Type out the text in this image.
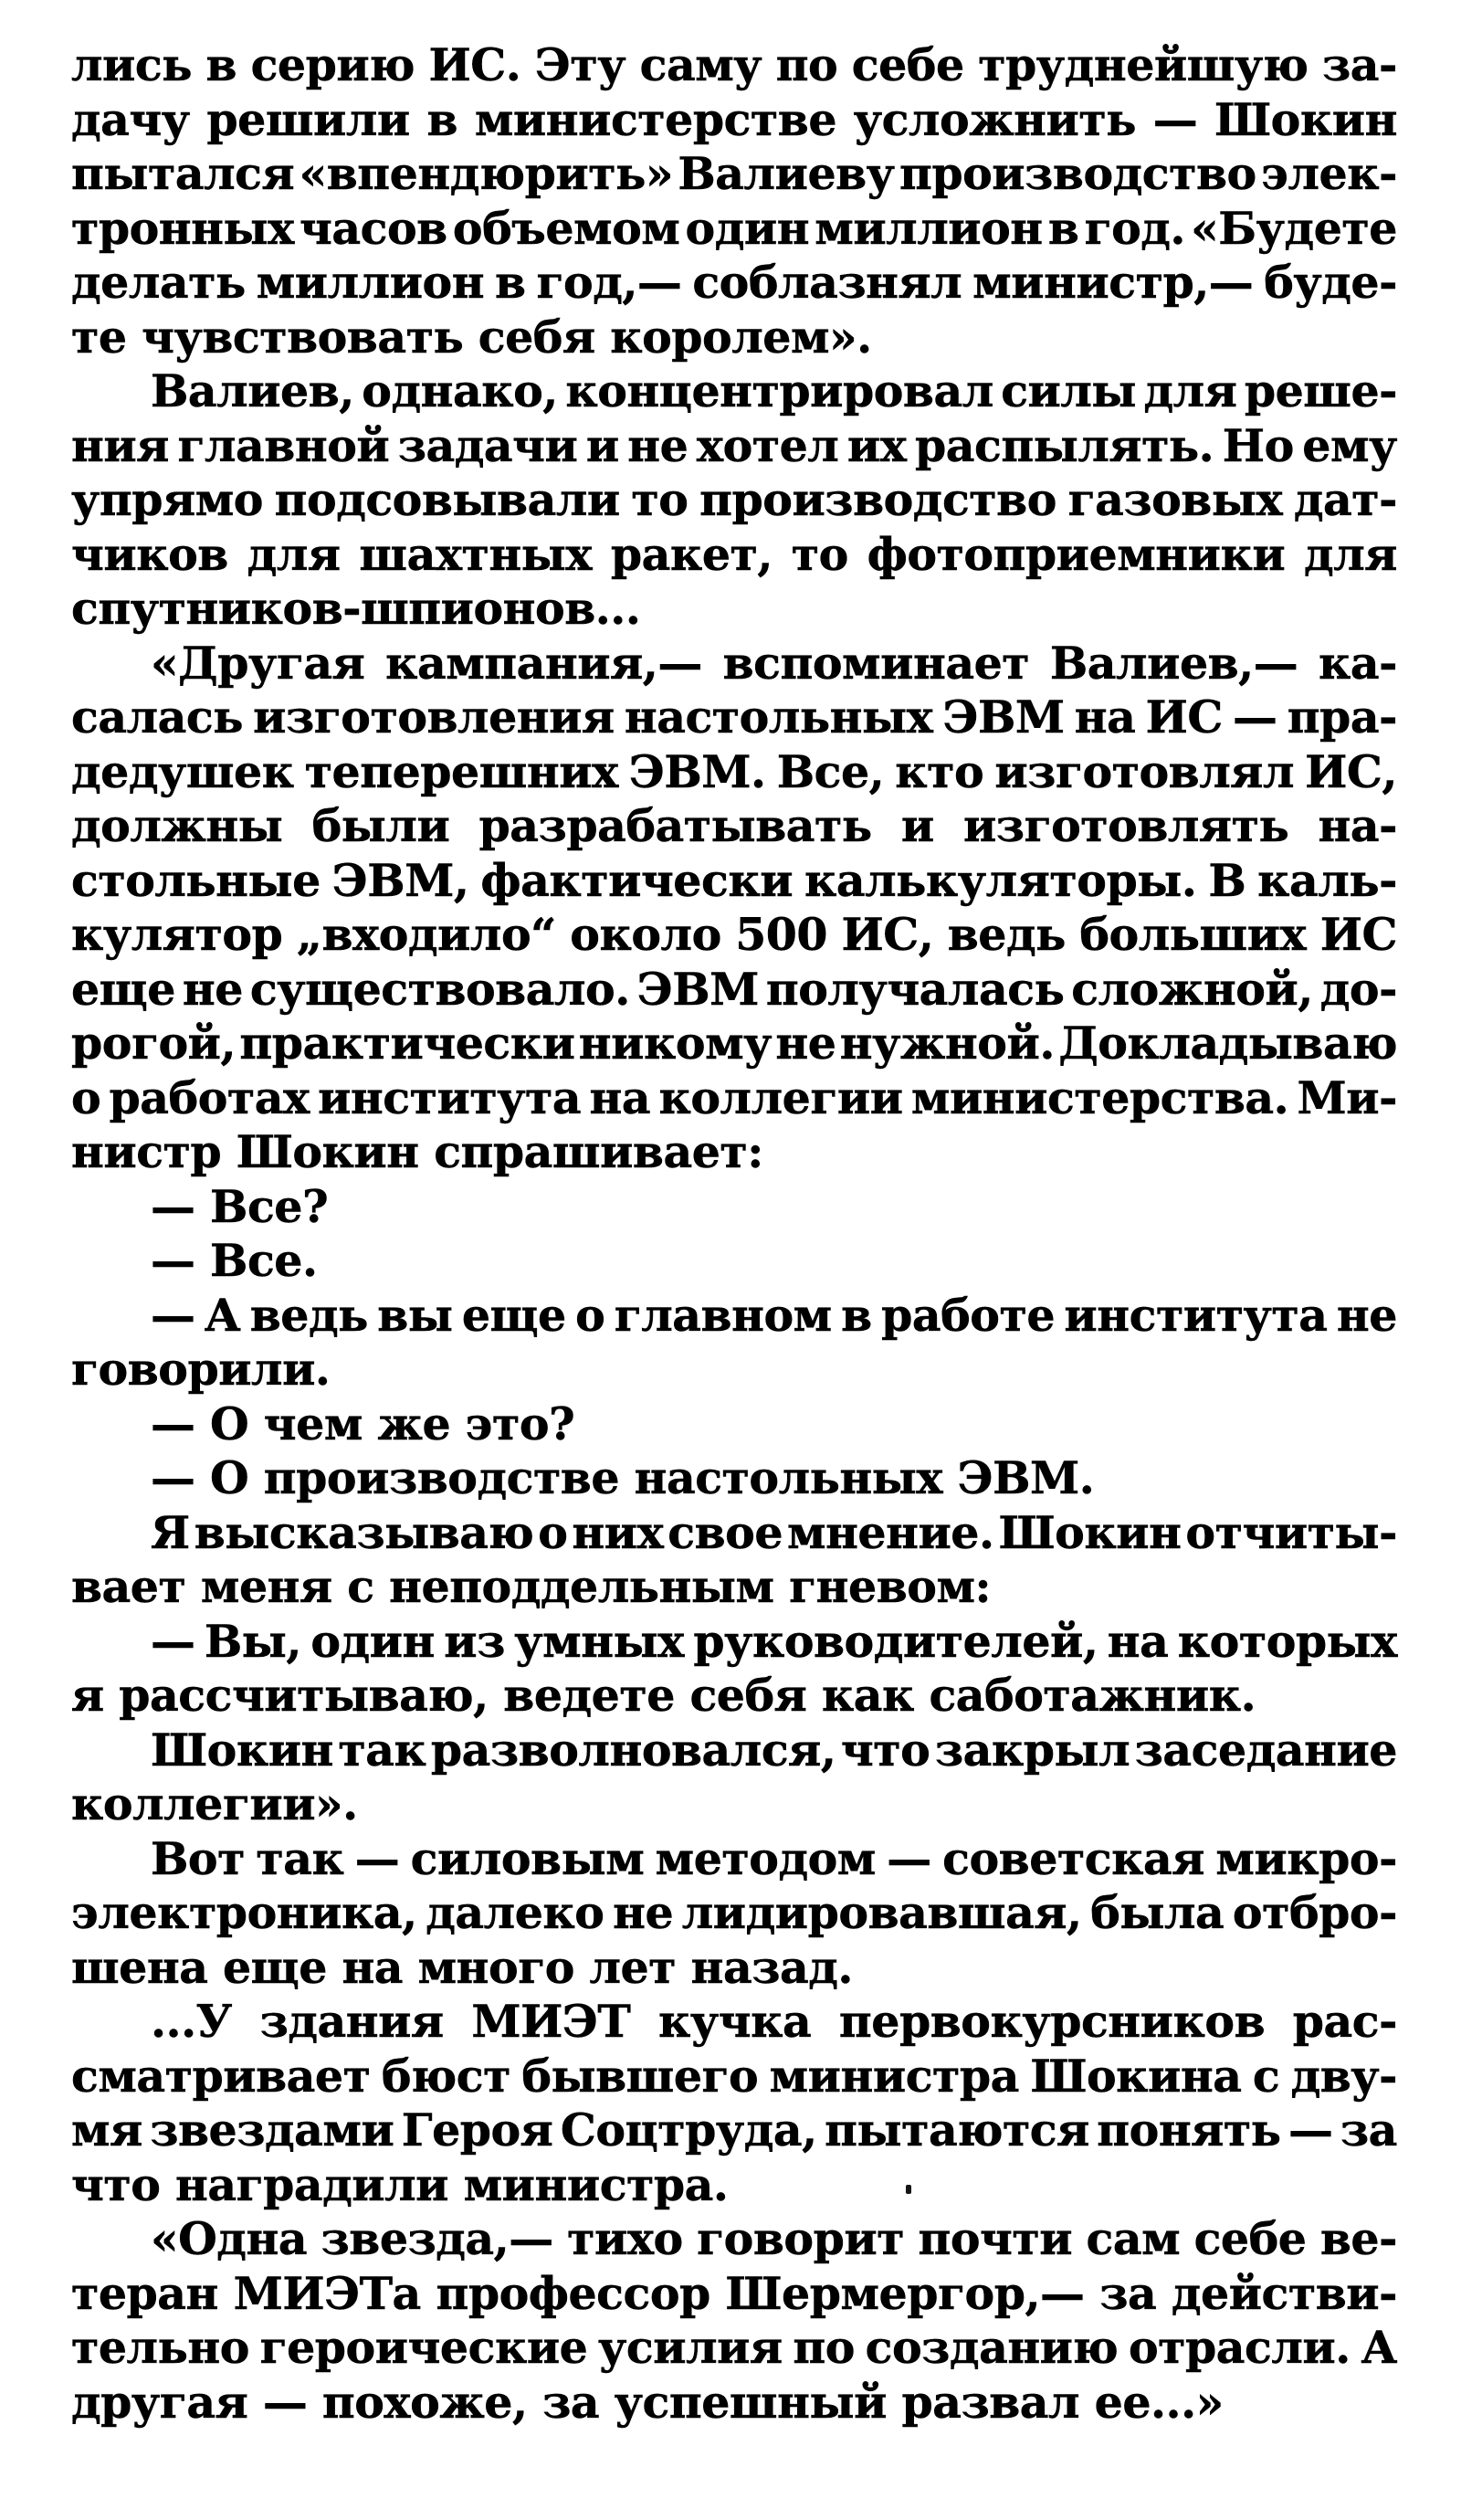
лись в серию ИС. Эту саму по себе труднейшую за-
дачу решили в министерстве усложнить — Шокин
пытался «впендюрить» Валиеву производство элек-
тронных часов объемом один миллион в год. «Будете
делать миллион в год,— соблазнял министр,— буде-
те чувствовать себя королем».
Валиев, однако, концентрировал силы для реше-
ния главной задачи и не хотел их распылять. Но ему
упрямо подсовывали то производство газовых дат-
чиков для шахтных ракет, то фотоприемники для
спутников-шпионов...
«Другая кампания,— вспоминает Валиев,— ка-
салась изготовления настольных ЭВМ на ИС — пра-
дедушек теперешних ЭВМ. Все, кто изготовлял ИС,
должны были разрабатывать и изготовлять на-
стольные ЭВМ, фактически калькуляторы. В каль-
кулятор „входило“ около 500 ИС, ведь больших ИС
еще не существовало. ЭВМ получалась сложной, до-
рогой, практически никому не нужной. Докладываю
о работах института на коллегии министерства. Ми-
нистр Шокин спрашивает:
— Все?
— Все.
— А ведь вы еще о главном в работе института не
говорили.
— О чем же это?
— О производстве настольных ЭВМ.
Я высказываю о них свое мнение. Шокин отчиты-
вает меня с неподдельным гневом:
— Вы, один из умных руководителей, на которых
я рассчитываю, ведете себя как саботажник.
Шокин так разволновался, что закрыл заседание
коллегии».
Вот так — силовым методом — советская микро-
электроника, далеко не лидировавшая, была отбро-
шена еще на много лет назад.
...У здания МИЭТ кучка первокурсников рас-
сматривает бюст бывшего министра Шокина с дву-
мя звездами Героя Соцтруда, пытаются понять — за
что наградили министра.
«Одна звезда,— тихо говорит почти сам себе ве-
теран МИЭТа профессор Шермергор,— за действи-
тельно героические усилия по созданию отрасли. А
другая — похоже, за успешный развал ее...»
